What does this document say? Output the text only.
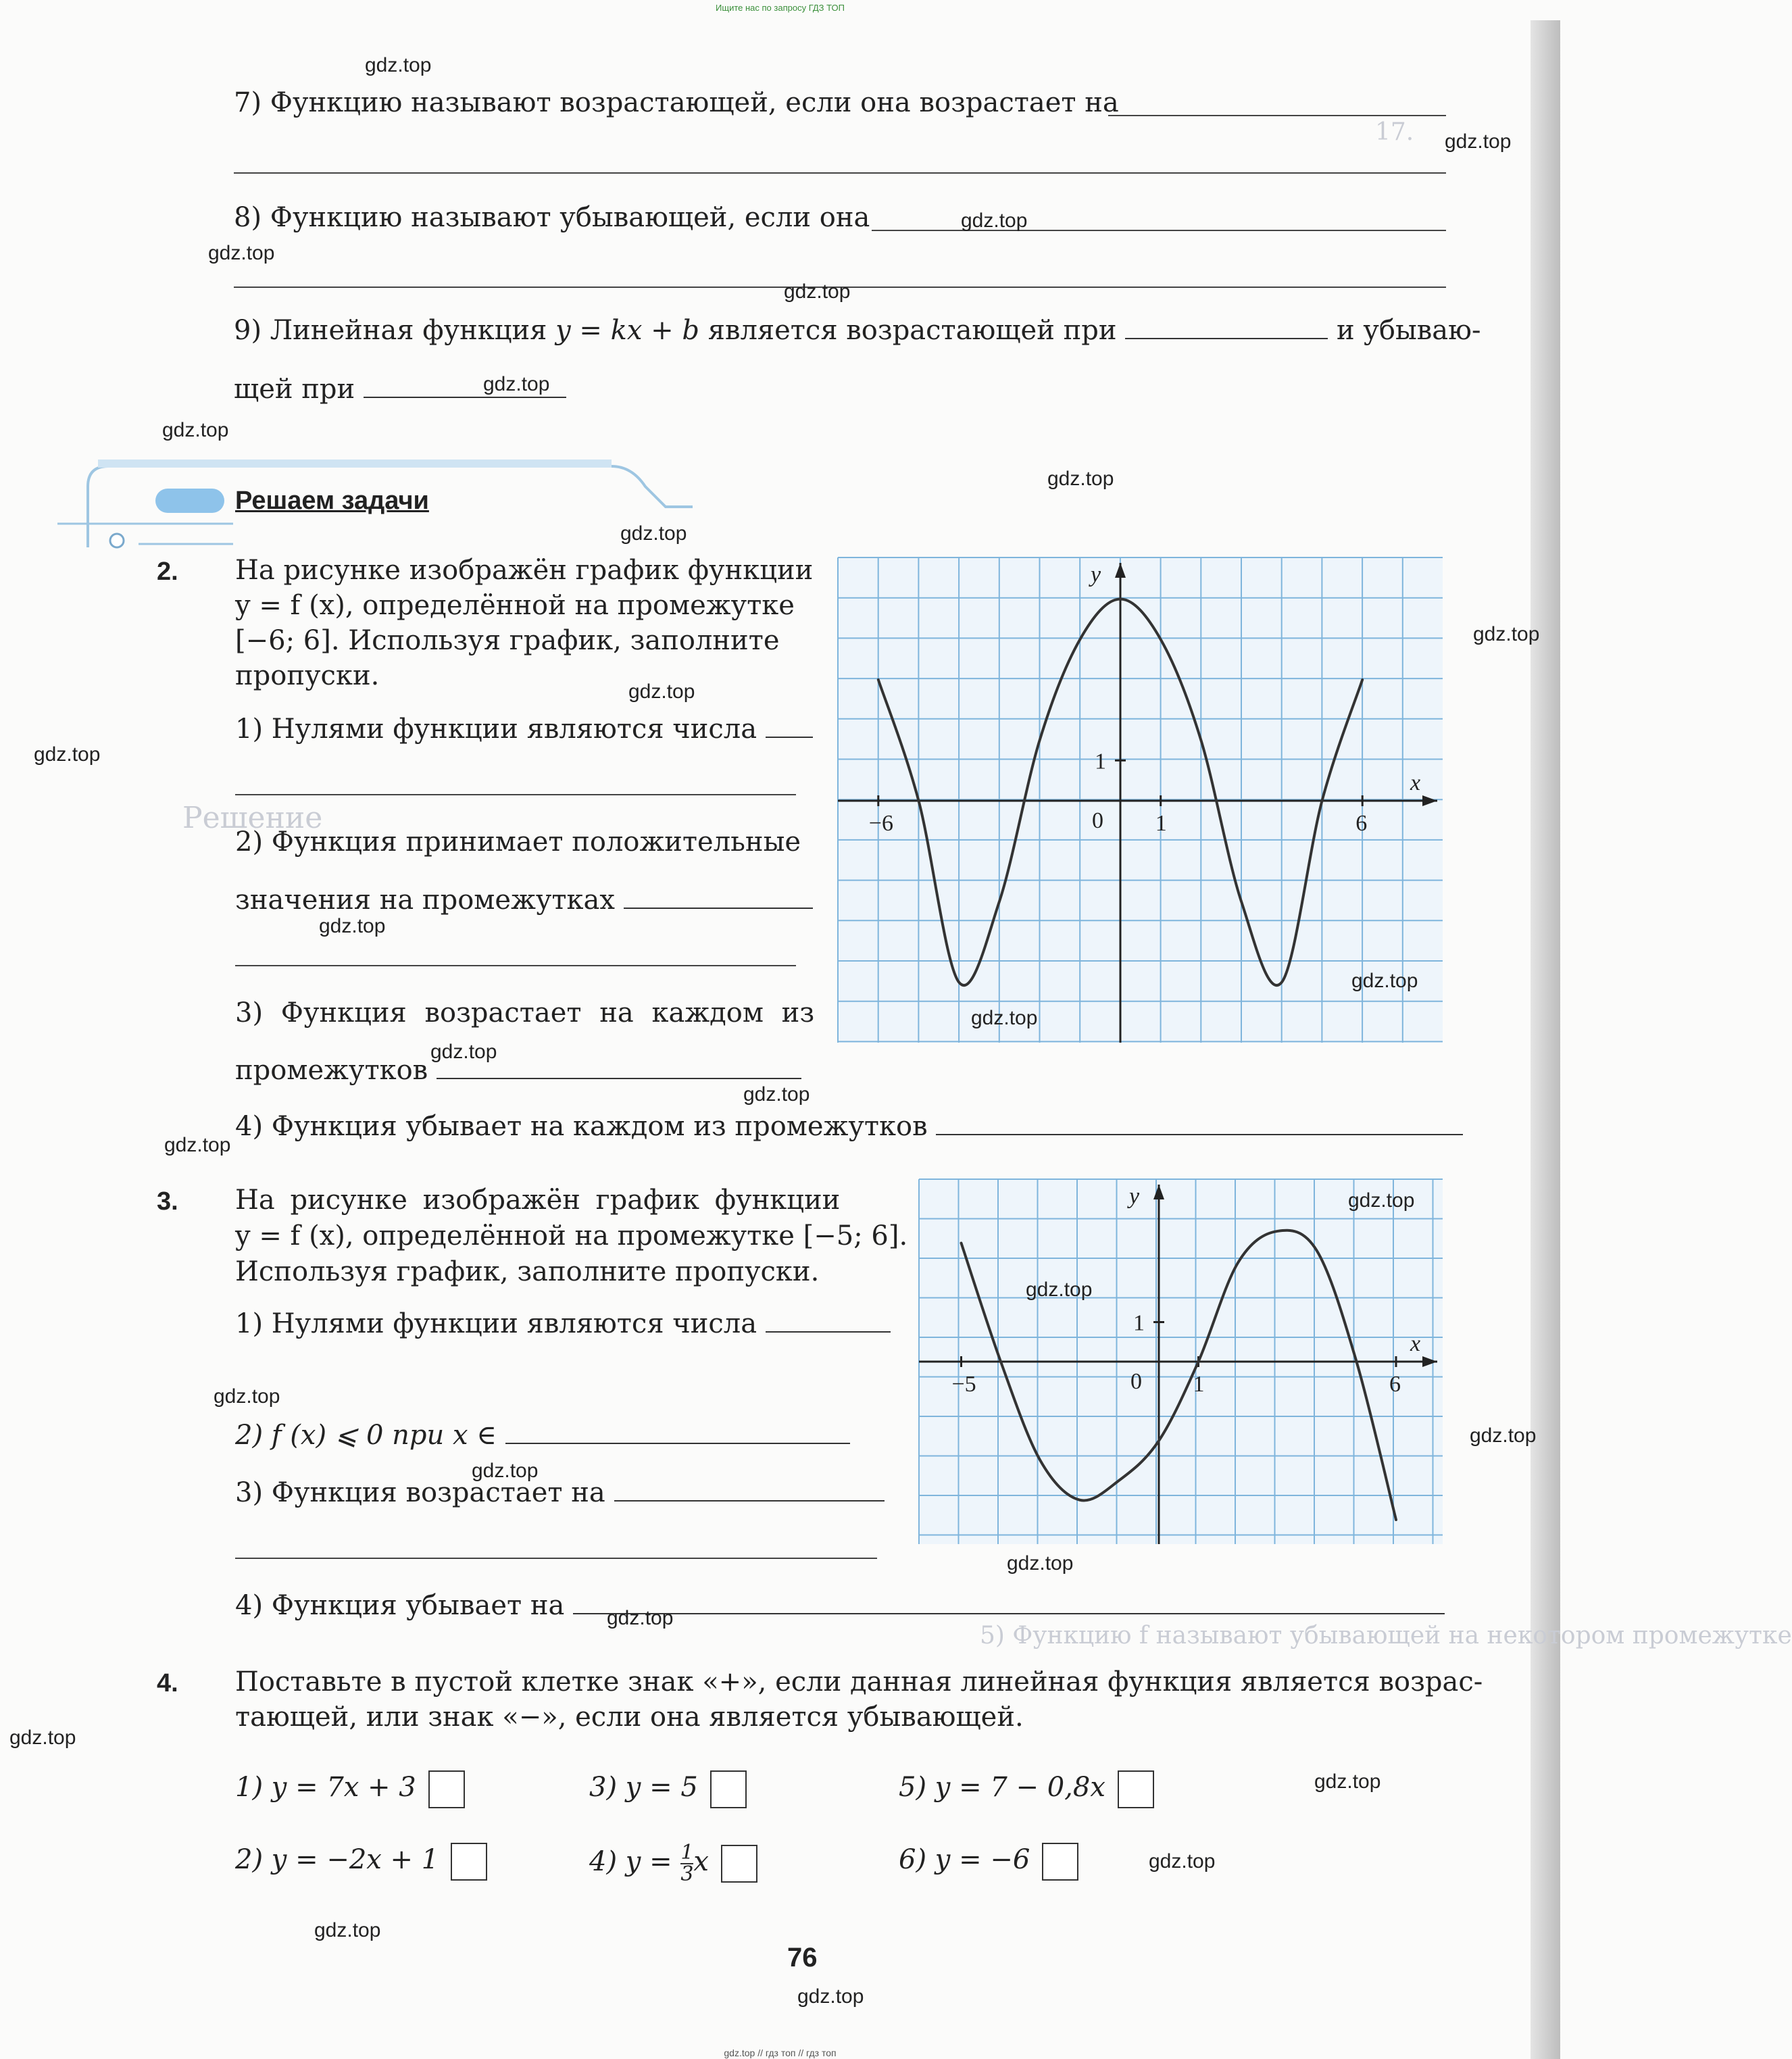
Ищите нас по запросу ГДЗ ТОП
gdz.top // гдз топ // гдз топ
17.
Решение
5) Функцию f называют убывающей на некотором промежутке
7) Функцию называют возрастающей, если она возрастает на
8) Функцию называют убывающей, если она
9) Линейная функция y = kx + b является возрастающей при	и убываю-
щей при
Решаем задачи
2. На рисунке изображён график функции
y = f (x), определённой на промежутке
[−6; 6]. Используя график, заполните
пропуски.
1) Нулями функции являются числа
2) Функция принимает положительные
значения на промежутках
3) Функция возрастает на каждом из
промежутков
4) Функция убывает на каждом из промежутков
−6	0 1	6
1
x
y
3. На рисунке изображён график функции
y = f (x), определённой на промежутке [−5; 6].
Используя график, заполните пропуски.
1) Нулями функции являются числа
2) f (x) ⩽ 0 при x ∈
3) Функция возрастает на
4) Функция убывает на
−5	0 1	6
1
x
y
4. Поставьте в пустой клетке знак «+», если данная линейная функция является возрас-
тающей, или знак «−», если она является убывающей.
1) y = 7x + 3	3) y = 5	5) y = 7 − 0,8x
2) y = −2x + 1	4) $y = \frac{1}{3}$ x	6) y = −6
76
gdz.top
gdz.top
gdz.top
gdz.top
gdz.top
gdz.top
gdz.top
gdz.top
gdz.top
gdz.top
gdz.top
gdz.top
gdz.top
gdz.top
gdz.top
gdz.top
gdz.top
gdz.top
gdz.top
gdz.top
gdz.top
gdz.top
gdz.top
gdz.top
gdz.top
gdz.top
gdz.top
gdz.top
gdz.top
gdz.top
